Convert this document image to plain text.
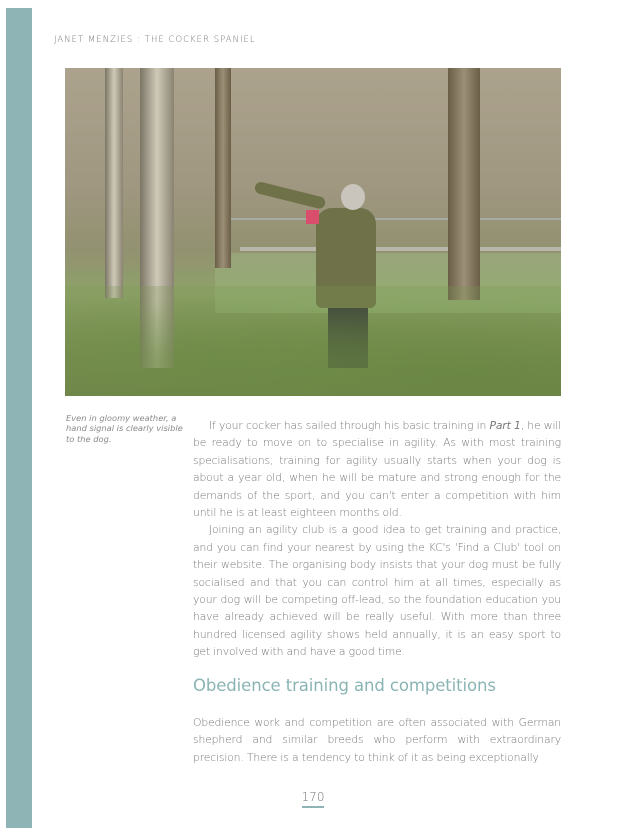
JANET MENZIES : THE COCKER SPANIEL
Even in gloomy weather, a hand signal is clearly visible to the dog.

If your cocker has sailed through his basic training in Part 1, he will be ready to move on to specialise in agility. As with most training specialisations, training for agility usually starts when your dog is about a year old, when he will be mature and strong enough for the demands of the sport, and you can't enter a competition with him until he is at least eighteen months old.

Joining an agility club is a good idea to get training and practice, and you can find your nearest by using the KC's 'Find a Club' tool on their website. The organising body insists that your dog must be fully socialised and that you can control him at all times, especially as your dog will be competing off-lead, so the foundation education you have already achieved will be really useful. With more than three hundred licensed agility shows held annually, it is an easy sport to get involved with and have a good time.

Obedience training and competitions

Obedience work and competition are often associated with German shepherd and similar breeds who perform with extraordinary precision. There is a tendency to think of it as being exceptionally

170
